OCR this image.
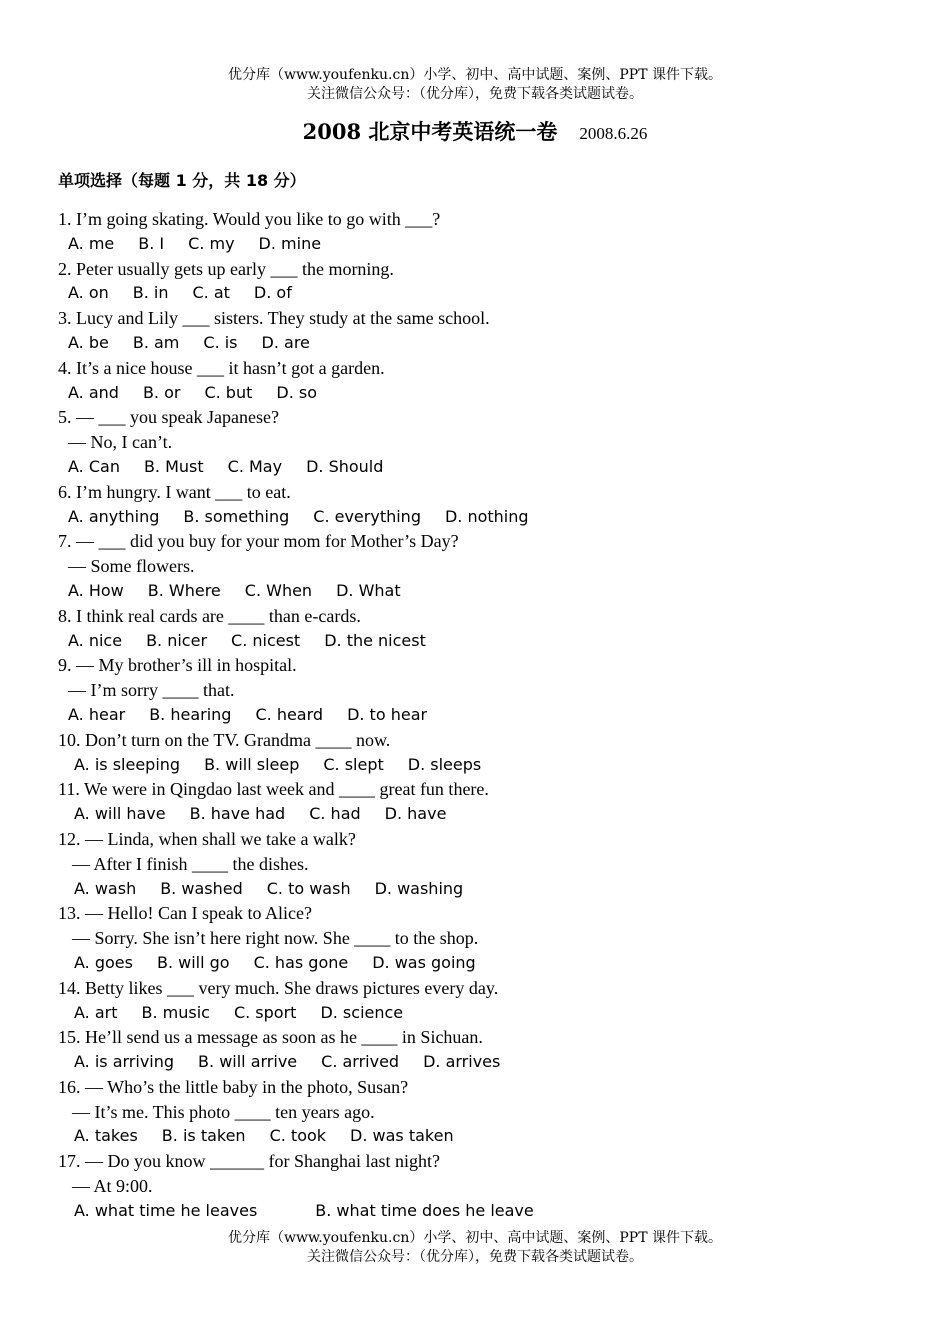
优分库（www.youfenku.cn）小学、初中、高中试题、案例、PPT 课件下载。
关注微信公众号：（优分库），免费下载各类试题试卷。
2008 北京中考英语统一卷 2008.6.26
单项选择（每题 1 分，共 18 分）
1. I’m going skating. Would you like to go with ___?
A. me B. I C. my D. mine
2. Peter usually gets up early ___ the morning.
A. on B. in C. at D. of
3. Lucy and Lily ___ sisters. They study at the same school.
A. be B. am C. is D. are
4. It’s a nice house ___ it hasn’t got a garden.
A. and B. or C. but D. so
5. — ___ you speak Japanese?
— No, I can’t.
A. Can B. Must C. May D. Should
6. I’m hungry. I want ___ to eat.
A. anything B. something C. everything D. nothing
7. — ___ did you buy for your mom for Mother’s Day?
— Some flowers.
A. How B. Where C. When D. What
8. I think real cards are ____ than e-cards.
A. nice B. nicer C. nicest D. the nicest
9. — My brother’s ill in hospital.
— I’m sorry ____ that.
A. hear B. hearing C. heard D. to hear
10. Don’t turn on the TV. Grandma ____ now.
A. is sleeping B. will sleep C. slept D. sleeps
11. We were in Qingdao last week and ____ great fun there.
A. will have B. have had C. had D. have
12. — Linda, when shall we take a walk?
— After I finish ____ the dishes.
A. wash B. washed C. to wash D. washing
13. — Hello! Can I speak to Alice?
— Sorry. She isn’t here right now. She ____ to the shop.
A. goes B. will go C. has gone D. was going
14. Betty likes ___ very much. She draws pictures every day.
A. art B. music C. sport D. science
15. He’ll send us a message as soon as he ____ in Sichuan.
A. is arriving B. will arrive C. arrived D. arrives
16. — Who’s the little baby in the photo, Susan?
— It’s me. This photo ____ ten years ago.
A. takes B. is taken C. took D. was taken
17. — Do you know ______ for Shanghai last night?
— At 9:00.
A. what time he leaves	B. what time does he leave
优分库（www.youfenku.cn）小学、初中、高中试题、案例、PPT 课件下载。
关注微信公众号：（优分库），免费下载各类试题试卷。
